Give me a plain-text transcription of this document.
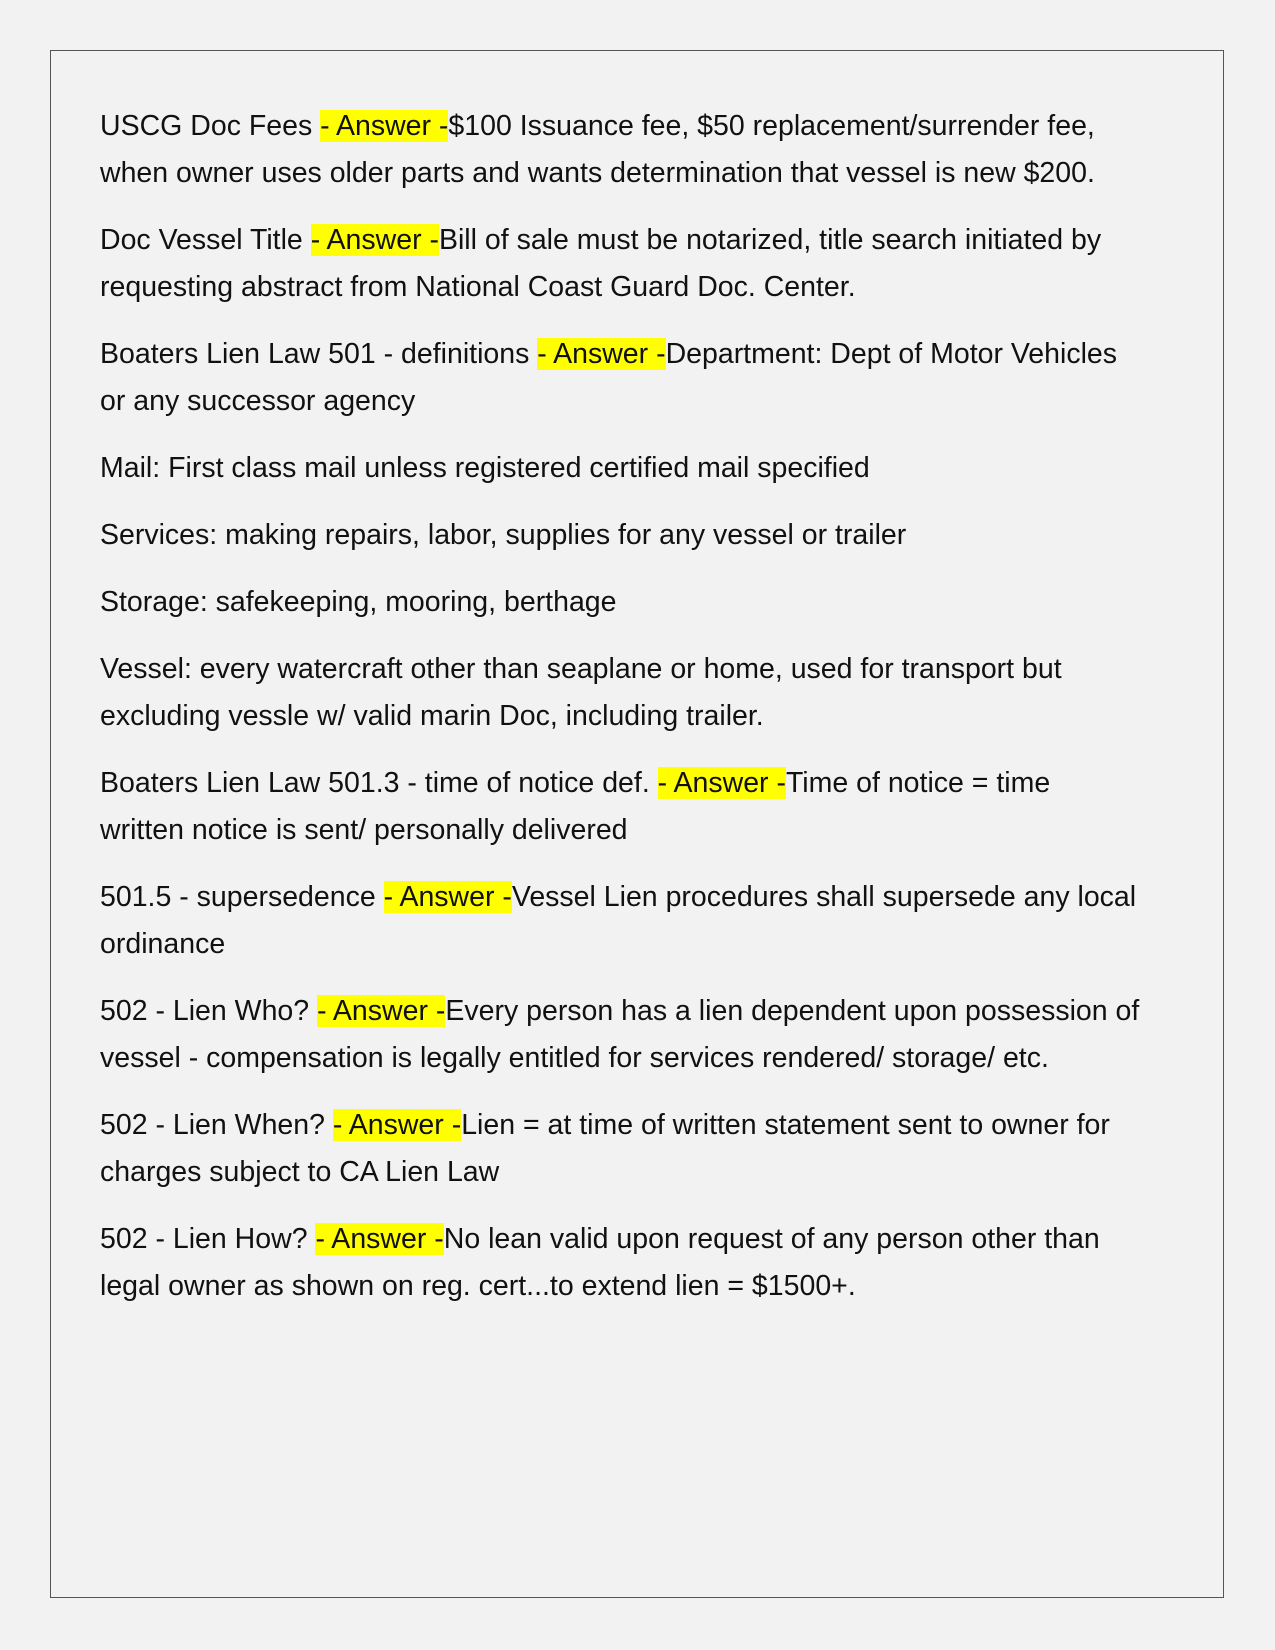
USCG Doc Fees - Answer -$100 Issuance fee, $50 replacement/surrender fee, when owner uses older parts and wants determination that vessel is new $200.

Doc Vessel Title - Answer -Bill of sale must be notarized, title search initiated by requesting abstract from National Coast Guard Doc. Center.

Boaters Lien Law 501 - definitions - Answer -Department: Dept of Motor Vehicles or any successor agency

Mail: First class mail unless registered certified mail specified

Services: making repairs, labor, supplies for any vessel or trailer

Storage: safekeeping, mooring, berthage

Vessel: every watercraft other than seaplane or home, used for transport but excluding vessle w/ valid marin Doc, including trailer.

Boaters Lien Law 501.3 - time of notice def. - Answer -Time of notice = time written notice is sent/ personally delivered

501.5 - supersedence - Answer -Vessel Lien procedures shall supersede any local ordinance

502 - Lien Who? - Answer -Every person has a lien dependent upon possession of vessel - compensation is legally entitled for services rendered/ storage/ etc.

502 - Lien When? - Answer -Lien = at time of written statement sent to owner for charges subject to CA Lien Law

502 - Lien How? - Answer -No lean valid upon request of any person other than legal owner as shown on reg. cert...to extend lien = $1500+.
